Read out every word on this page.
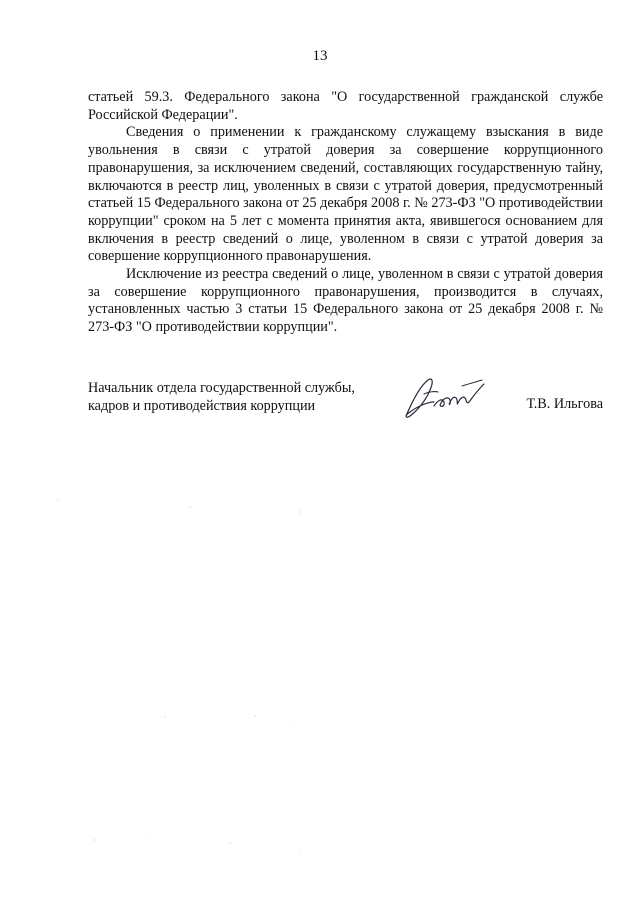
13

статьей 59.3. Федерального закона "О государственной гражданской службе Российской Федерации".

Сведения о применении к гражданскому служащему взыскания в виде увольнения в связи с утратой доверия за совершение коррупционного правонарушения, за исключением сведений, составляющих государственную тайну, включаются в реестр лиц, уволенных в связи с утратой доверия, предусмотренный статьей 15 Федерального закона от 25 декабря 2008 г. № 273-ФЗ "О противодействии коррупции" сроком на 5 лет с момента принятия акта, явившегося основанием для включения в реестр сведений о лице, уволенном в связи с утратой доверия за совершение коррупционного правонарушения.

Исключение из реестра сведений о лице, уволенном в связи с утратой доверия за совершение коррупционного правонарушения, производится в случаях, установленных частью 3 статьи 15 Федерального закона от 25 декабря 2008 г. № 273-ФЗ "О противодействии коррупции".

Начальник отдела государственной службы,
кадров и противодействия коррупции	Т.В. Ильгова
